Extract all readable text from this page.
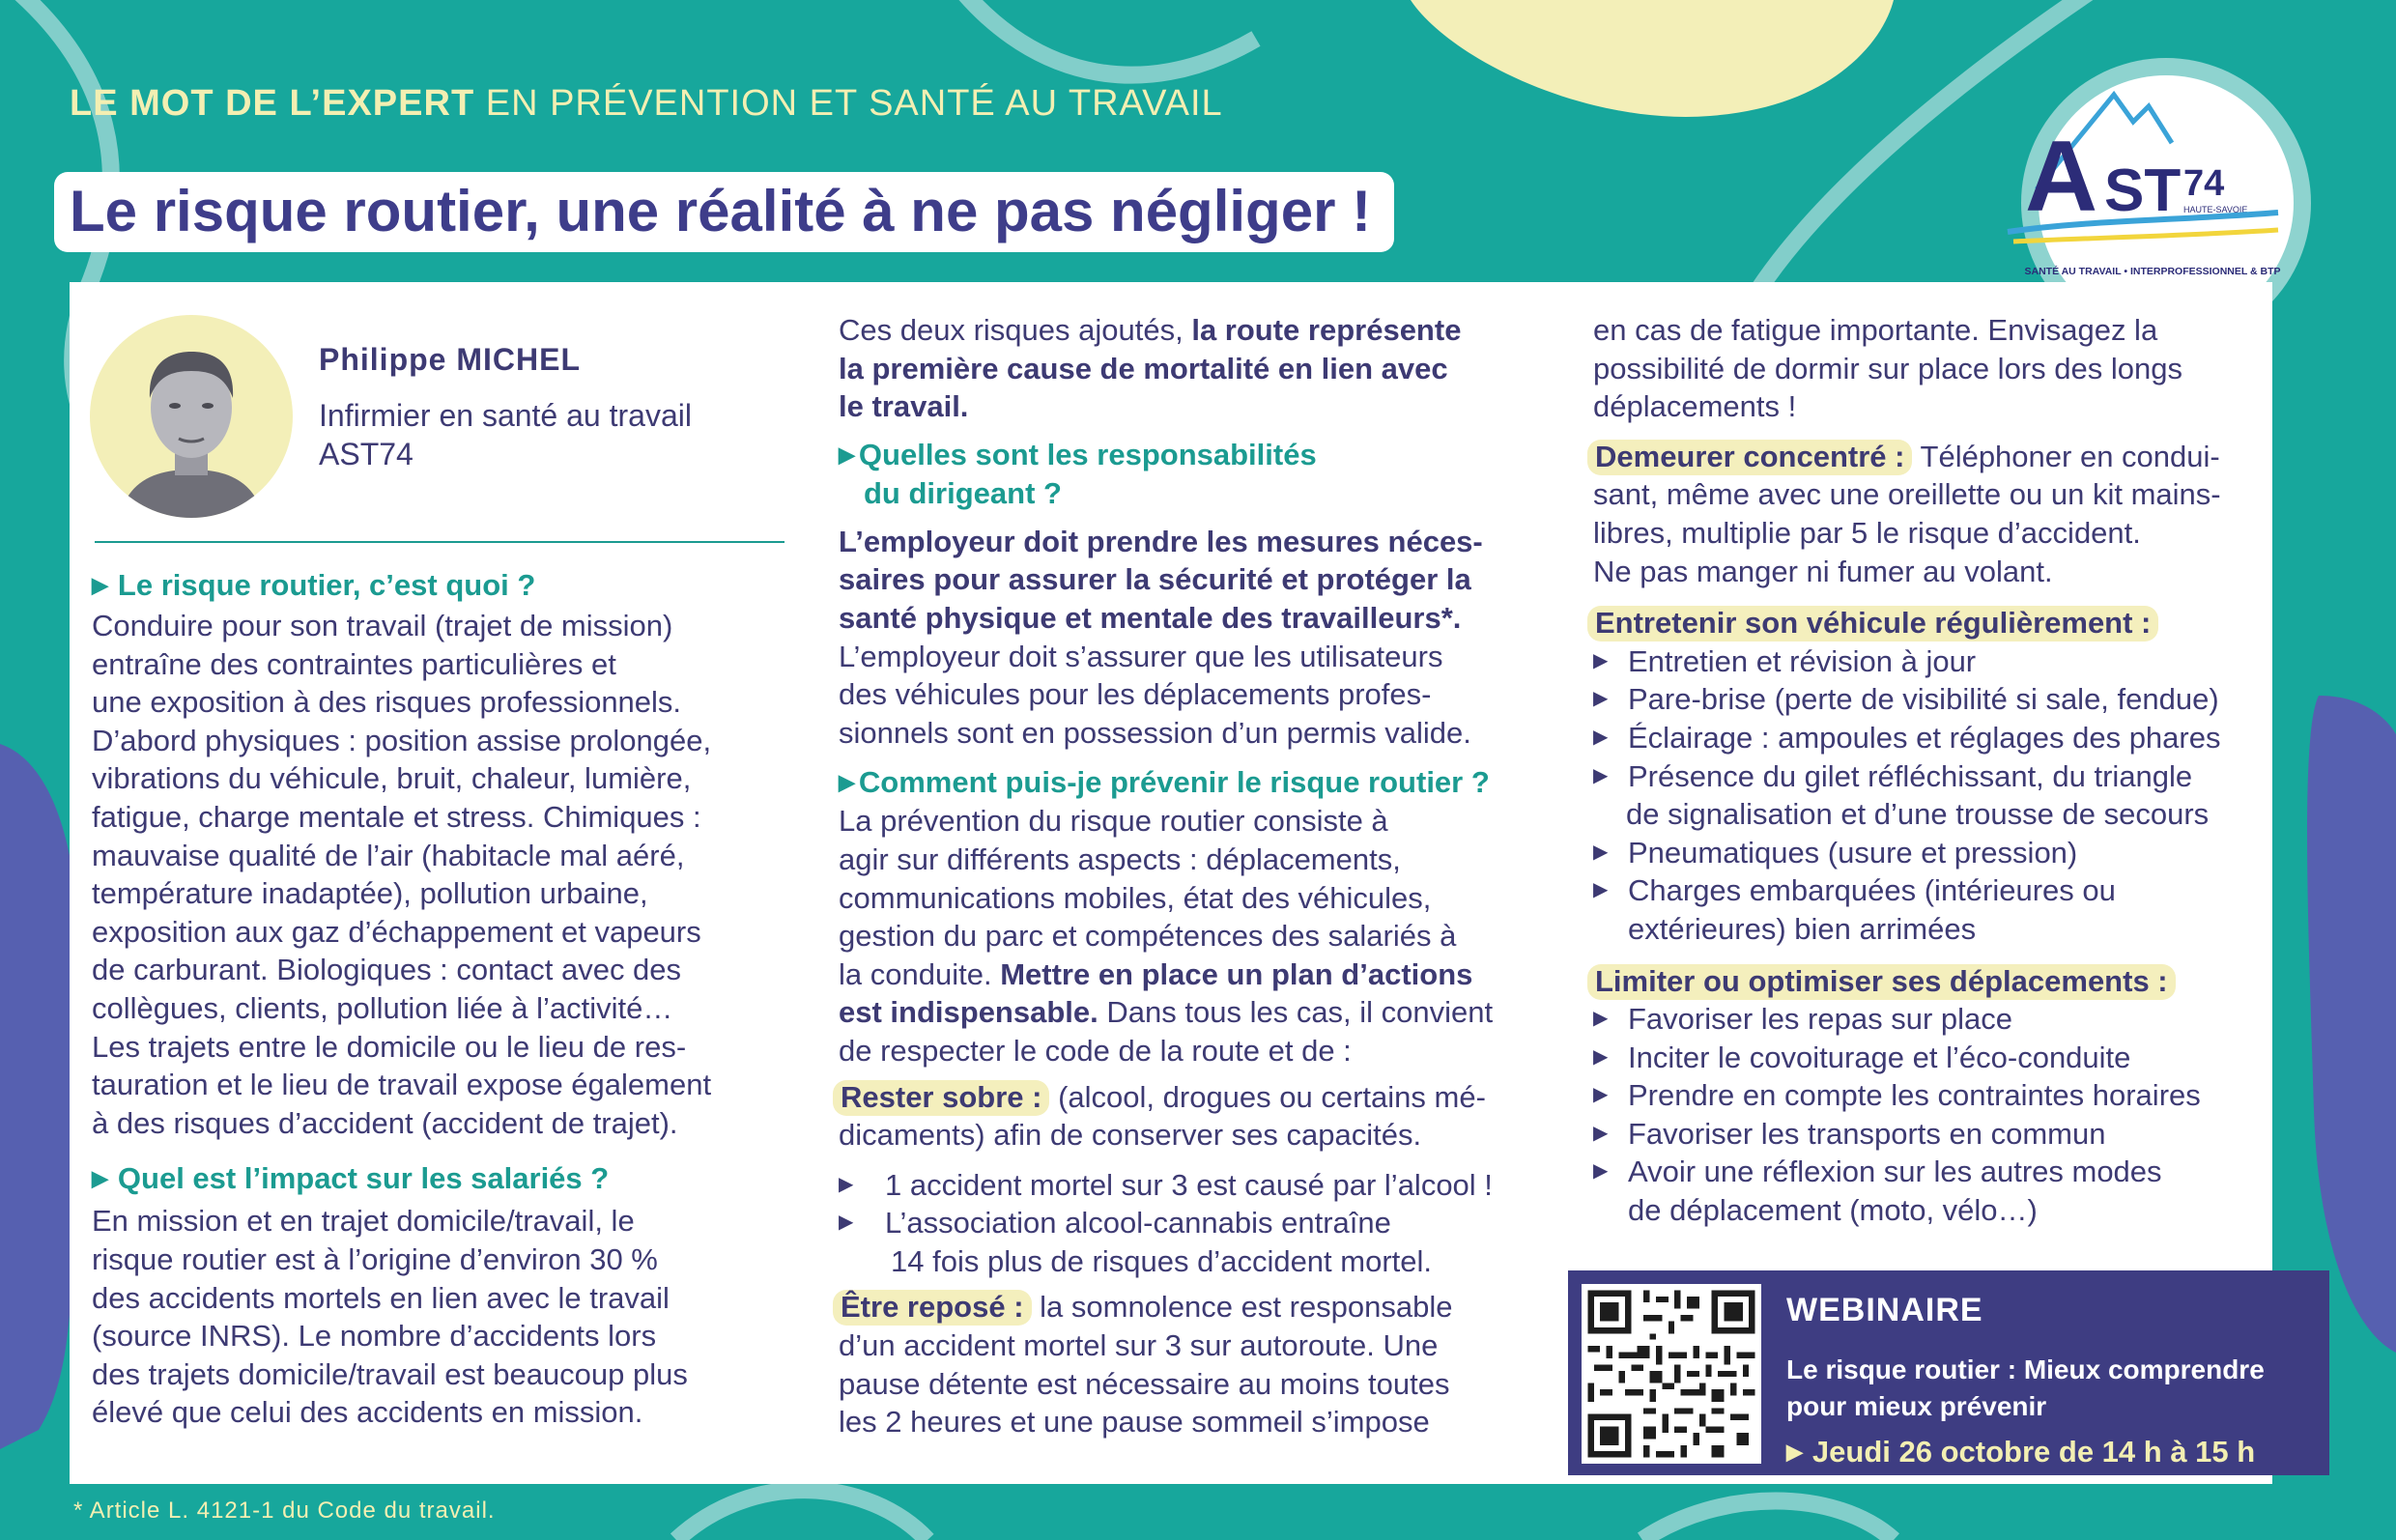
LE MOT DE L’EXPERT EN PRÉVENTION ET SANTÉ AU TRAVAIL
Le risque routier, une réalité à ne pas négliger !	A ST 74
HAUTE-SAVOIE
SANTÉ AU TRAVAIL • INTERPROFESSIONNEL & BTP
Philippe MICHEL
Infirmier en santé au travail
AST74

▶ Le risque routier, c’est quoi ?

Conduire pour son travail (trajet de mission)

entraîne des contraintes particulières et

une exposition à des risques professionnels.

D’abord physiques : position assise prolongée,

vibrations du véhicule, bruit, chaleur, lumière,

fatigue, charge mentale et stress. Chimiques :

mauvaise qualité de l’air (habitacle mal aéré,

température inadaptée), pollution urbaine,

exposition aux gaz d’échappement et vapeurs

de carburant. Biologiques : contact avec des

collègues, clients, pollution liée à l’activité…

Les trajets entre le domicile ou le lieu de res-

tauration et le lieu de travail expose également

à des risques d’accident (accident de trajet).

▶ Quel est l’impact sur les salariés ?

En mission et en trajet domicile/travail, le

risque routier est à l’origine d’environ 30 %

des accidents mortels en lien avec le travail

(source INRS). Le nombre d’accidents lors

des trajets domicile/travail est beaucoup plus

élevé que celui des accidents en mission.

Ces deux risques ajoutés, la route représente

la première cause de mortalité en lien avec

le travail.

▶ Quelles sont les responsabilités

du dirigeant ?

L’employeur doit prendre les mesures néces-

saires pour assurer la sécurité et protéger la

santé physique et mentale des travailleurs*.

L’employeur doit s’assurer que les utilisateurs

des véhicules pour les déplacements profes-

sionnels sont en possession d’un permis valide.

▶ Comment puis-je prévenir le risque routier ?

La prévention du risque routier consiste à

agir sur différents aspects : déplacements,

communications mobiles, état des véhicules,

gestion du parc et compétences des salariés à

la conduite. Mettre en place un plan d’actions

est indispensable. Dans tous les cas, il convient

de respecter le code de la route et de :

Rester sobre : (alcool, drogues ou certains mé-

dicaments) afin de conserver ses capacités.

▶ 1 accident mortel sur 3 est causé par l’alcool !

▶ L’association alcool-cannabis entraîne

14 fois plus de risques d’accident mortel.

Être reposé : la somnolence est responsable

d’un accident mortel sur 3 sur autoroute. Une

pause détente est nécessaire au moins toutes

les 2 heures et une pause sommeil s’impose

en cas de fatigue importante. Envisagez la

possibilité de dormir sur place lors des longs

déplacements !

Demeurer concentré : Téléphoner en condui-

sant, même avec une oreillette ou un kit mains-

libres, multiplie par 5 le risque d’accident.

Ne pas manger ni fumer au volant.

Entretenir son véhicule régulièrement :

▶ Entretien et révision à jour

▶ Pare-brise (perte de visibilité si sale, fendue)

▶ Éclairage : ampoules et réglages des phares

▶ Présence du gilet réfléchissant, du triangle

de signalisation et d’une trousse de secours

▶ Pneumatiques (usure et pression)

▶ Charges embarquées (intérieures ou

extérieures) bien arrimées

Limiter ou optimiser ses déplacements :

▶ Favoriser les repas sur place

▶ Inciter le covoiturage et l’éco-conduite

▶ Prendre en compte les contraintes horaires

▶ Favoriser les transports en commun

▶ Avoir une réflexion sur les autres modes

de déplacement (moto, vélo…)

WEBINAIRE
Le risque routier : Mieux comprendre
pour mieux prévenir
▶ Jeudi 26 octobre de 14 h à 15 h
* Article L. 4121-1 du Code du travail.
